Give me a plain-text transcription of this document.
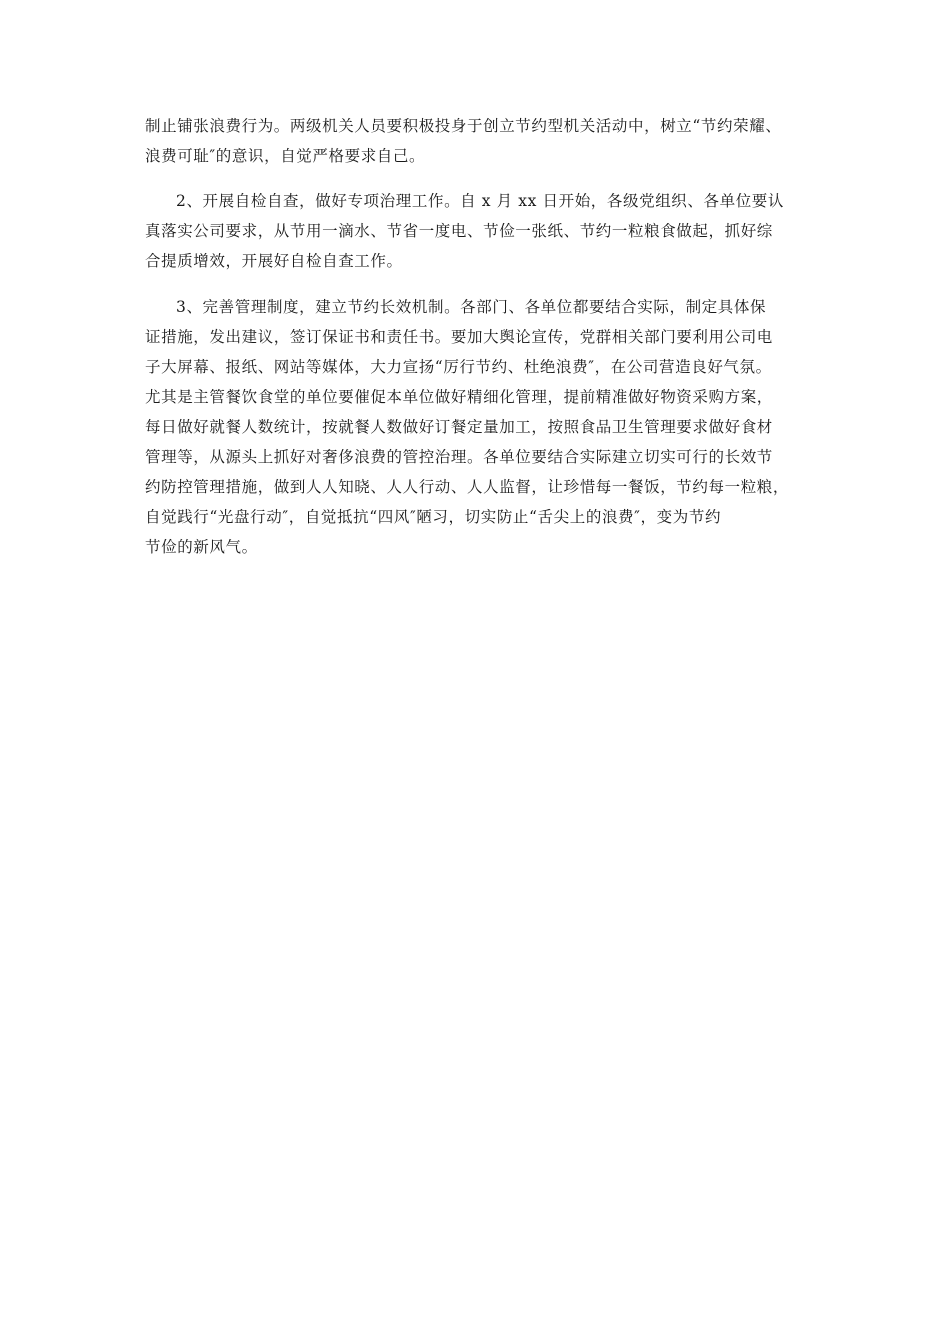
制止铺张浪费行为。两级机关人员要积极投身于创立节约型机关活动中，树立“节约荣耀、
浪费可耻″的意识，自觉严格要求自己。
2、开展自检自查，做好专项治理工作。自 x 月 xx 日开始，各级党组织、各单位要认
真落实公司要求，从节用一滴水、节省一度电、节俭一张纸、节约一粒粮食做起，抓好综
合提质增效，开展好自检自查工作。
3、完善管理制度，建立节约长效机制。各部门、各单位都要结合实际，制定具体保
证措施，发出建议，签订保证书和责任书。要加大舆论宣传，党群相关部门要利用公司电
子大屏幕、报纸、网站等媒体，大力宣扬“厉行节约、杜绝浪费″，在公司营造良好气氛。
尤其是主管餐饮食堂的单位要催促本单位做好精细化管理，提前精准做好物资采购方案，
每日做好就餐人数统计，按就餐人数做好订餐定量加工，按照食品卫生管理要求做好食材
管理等，从源头上抓好对奢侈浪费的管控治理。各单位要结合实际建立切实可行的长效节
约防控管理措施，做到人人知晓、人人行动、人人监督，让珍惜每一餐饭，节约每一粒粮，
自觉践行“光盘行动″，自觉抵抗“四风″陋习，切实防止“舌尖上的浪费″，变为节约
节俭的新风气。
